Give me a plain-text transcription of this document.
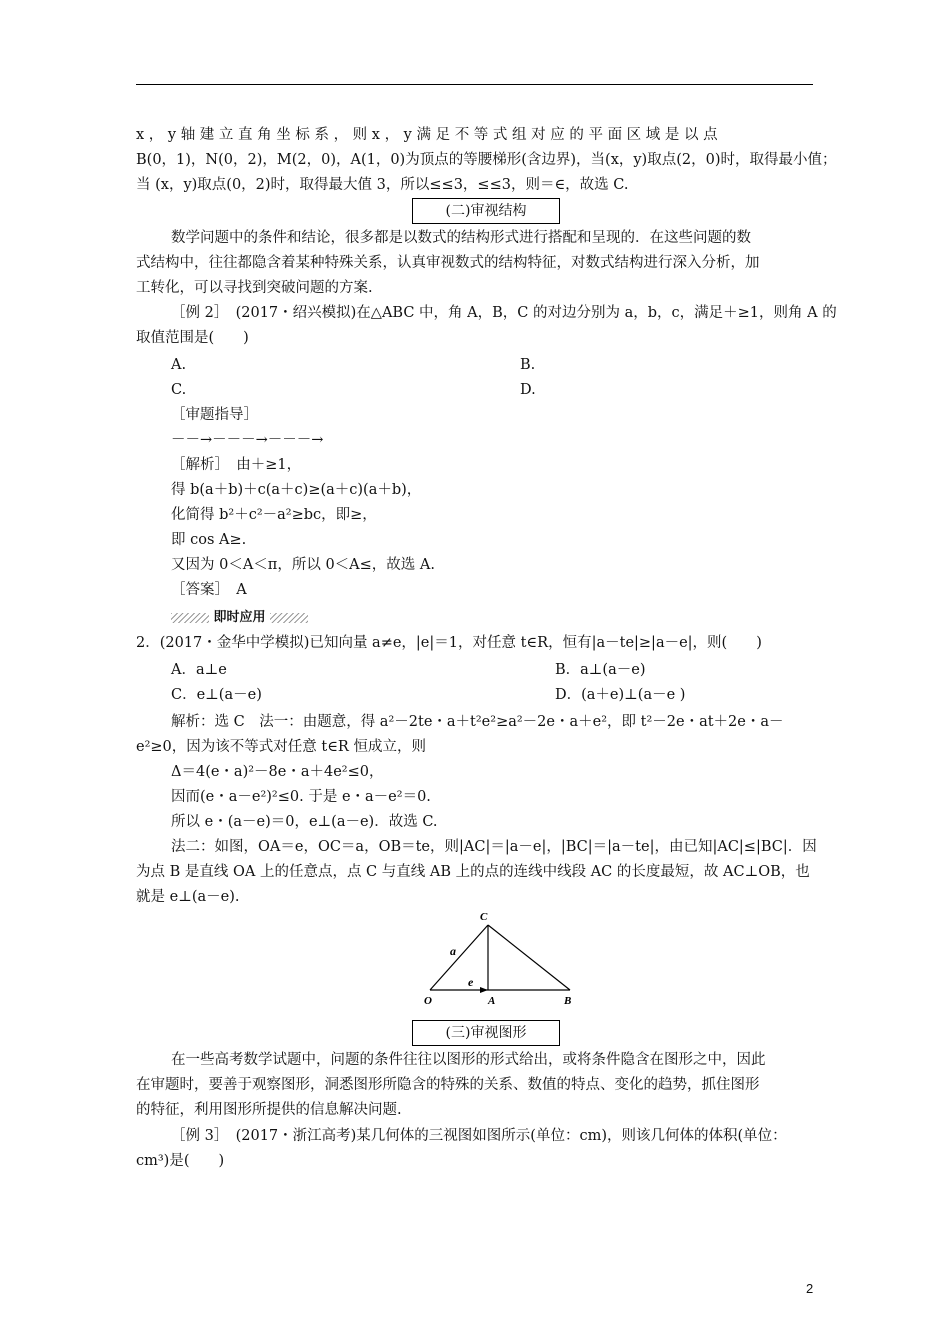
x ， y 轴 建 立 直 角 坐 标 系 ， 则 x ， y 满 足 不 等 式 组 对 应 的 平 面 区 域 是 以 点
B(0，1)，N(0，2)，M(2，0)，A(1，0)为顶点的等腰梯形(含边界)，当(x，y)取点(2，0)时，取得最小值；
当 (x，y)取点(0，2)时，取得最大值 3，所以≤≤3，≤≤3，则＝∈，故选 C.
(二)审视结构
数学问题中的条件和结论，很多都是以数式的结构形式进行搭配和呈现的．在这些问题的数
式结构中，往往都隐含着某种特殊关系，认真审视数式的结构特征，对数式结构进行深入分析，加
工转化，可以寻找到突破问题的方案.
［例 2］　(2017・绍兴模拟)在△ABC 中，角 A，B，C 的对边分别为 a，b，c，满足＋≥1，则角 A 的
取值范围是(　　)
A.	B.
C.	D.
［审题指导］
－－→－－－→－－－→
［解析］　由＋≥1，
得 b(a＋b)＋c(a＋c)≥(a＋c)(a＋b)，
化简得 b²＋c²－a²≥bc，即≥，
即 cos A≥.
又因为 0＜A＜π，所以 0＜A≤，故选 A.
［答案］　A
即时应用
2．(2017・金华中学模拟)已知向量 a≠e，|e|＝1，对任意 t∈R，恒有|a－te|≥|a－e|，则(　　)
A．a⊥e	B．a⊥(a－e)
C．e⊥(a－e)	D．(a＋e)⊥(a－e )
解析：选 C　法一：由题意，得 a²－2te・a＋t²e²≥a²－2e・a＋e²，即 t²－2e・at＋2e・a－
e²≥0，因为该不等式对任意 t∈R 恒成立，则
Δ＝4(e・a)²－8e・a＋4e²≤0，
因而(e・a－e²)²≤0. 于是 e・a－e²＝0.
所以 e・(a－e)＝0，e⊥(a－e)．故选 C.
法二：如图，OA＝e，OC＝a，OB＝te，则|AC|＝|a－e|，|BC|＝|a－te|，由已知|AC|≤|BC|．因
为点 B 是直线 OA 上的任意点，点 C 与直线 AB 上的点的连线中线段 AC 的长度最短，故 AC⊥OB，也
就是 e⊥(a－e).
C
a
O
e
A	B
(三)审视图形
在一些高考数学试题中，问题的条件往往以图形的形式给出，或将条件隐含在图形之中，因此
在审题时，要善于观察图形，洞悉图形所隐含的特殊的关系、数值的特点、变化的趋势，抓住图形
的特征，利用图形所提供的信息解决问题.
［例 3］　(2017・浙江高考)某几何体的三视图如图所示(单位：cm)，则该几何体的体积(单位：
cm³)是(　　)
2
